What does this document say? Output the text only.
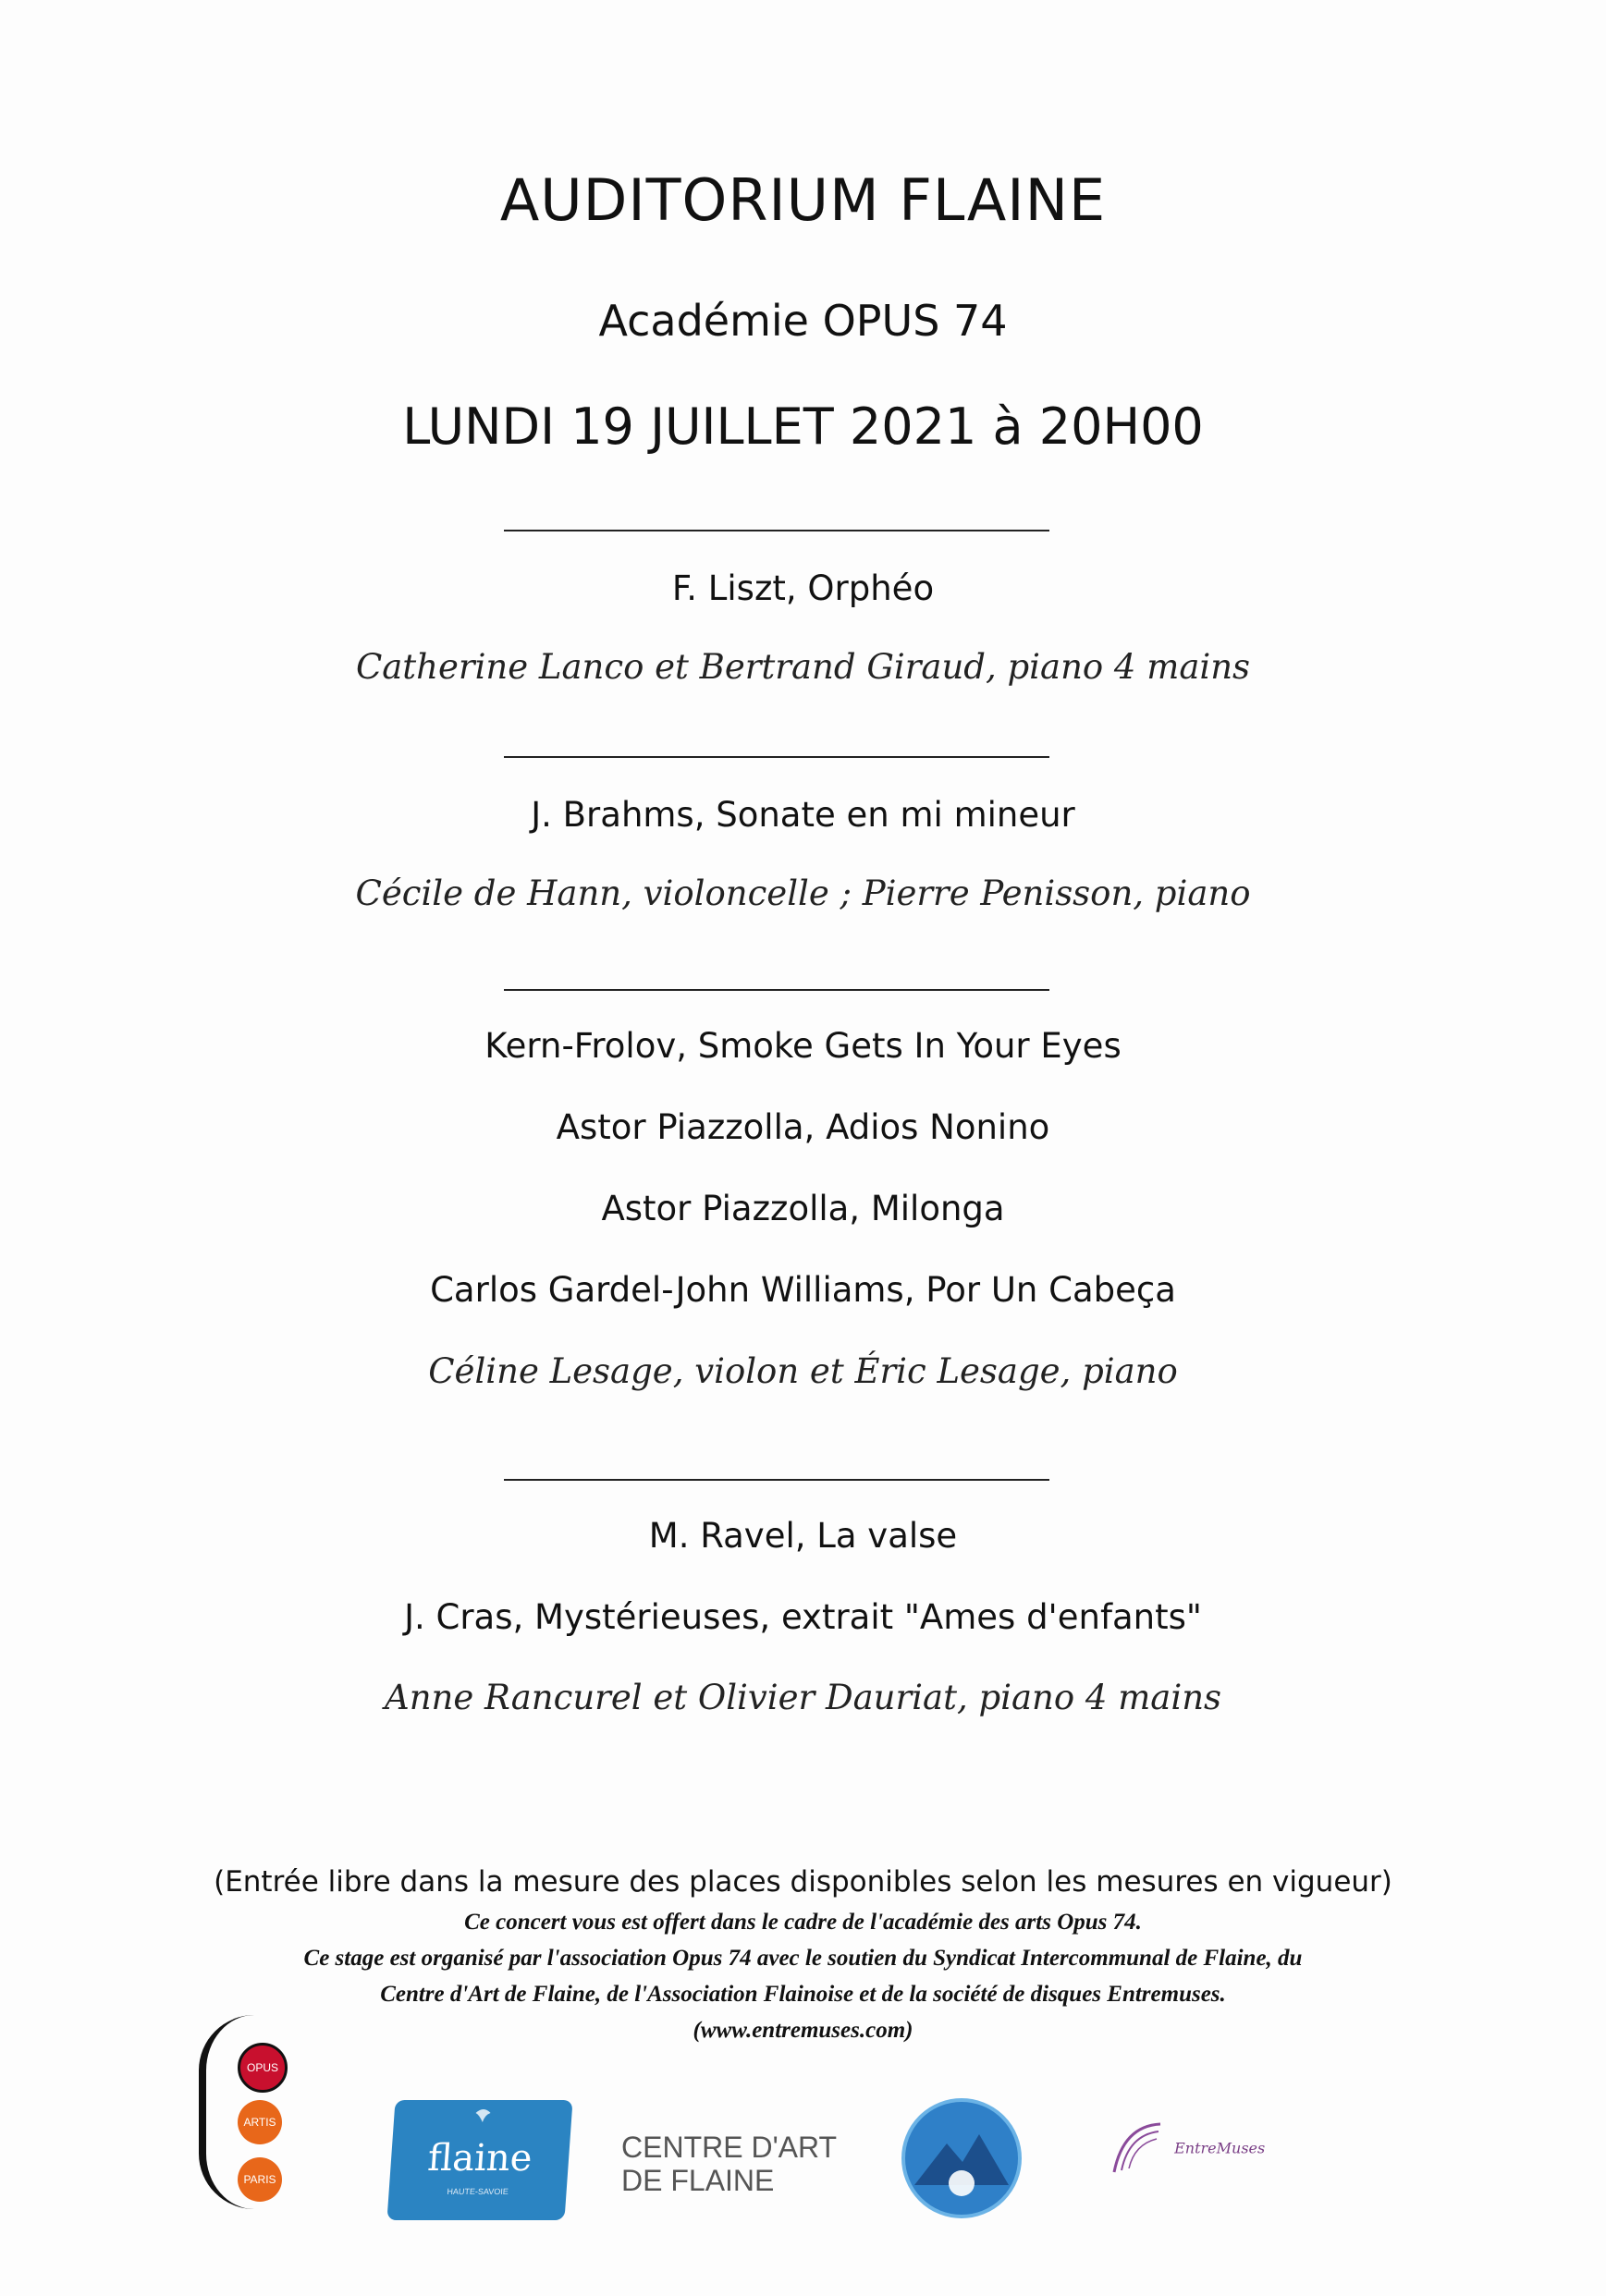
AUDITORIUM FLAINE
Académie OPUS 74
LUNDI 19 JUILLET 2021 à 20H00
F. Liszt, Orphéo
Catherine Lanco et Bertrand Giraud, piano 4 mains
J. Brahms, Sonate en mi mineur
Cécile de Hann, violoncelle ; Pierre Penisson, piano
Kern-Frolov, Smoke Gets In Your Eyes
Astor Piazzolla, Adios Nonino
Astor Piazzolla, Milonga
Carlos Gardel-John Williams, Por Un Cabeça
Céline Lesage, violon et Éric Lesage, piano
M. Ravel, La valse
J. Cras, Mystérieuses, extrait "Ames d'enfants"
Anne Rancurel et Olivier Dauriat, piano 4 mains
(Entrée libre dans la mesure des places disponibles selon les mesures en vigueur)
Ce concert vous est offert dans le cadre de l'académie des arts Opus 74.
Ce stage est organisé par l'association Opus 74 avec le soutien du Syndicat Intercommunal de Flaine, du
Centre d'Art de Flaine, de l'Association Flainoise et de la société de disques Entremuses.
(www.entremuses.com)
OPUS
ARTIS
PARIS	flaine
HAUTE-SAVOIE
CENTRE D'ART
DE FLAINE
EntreMuses
